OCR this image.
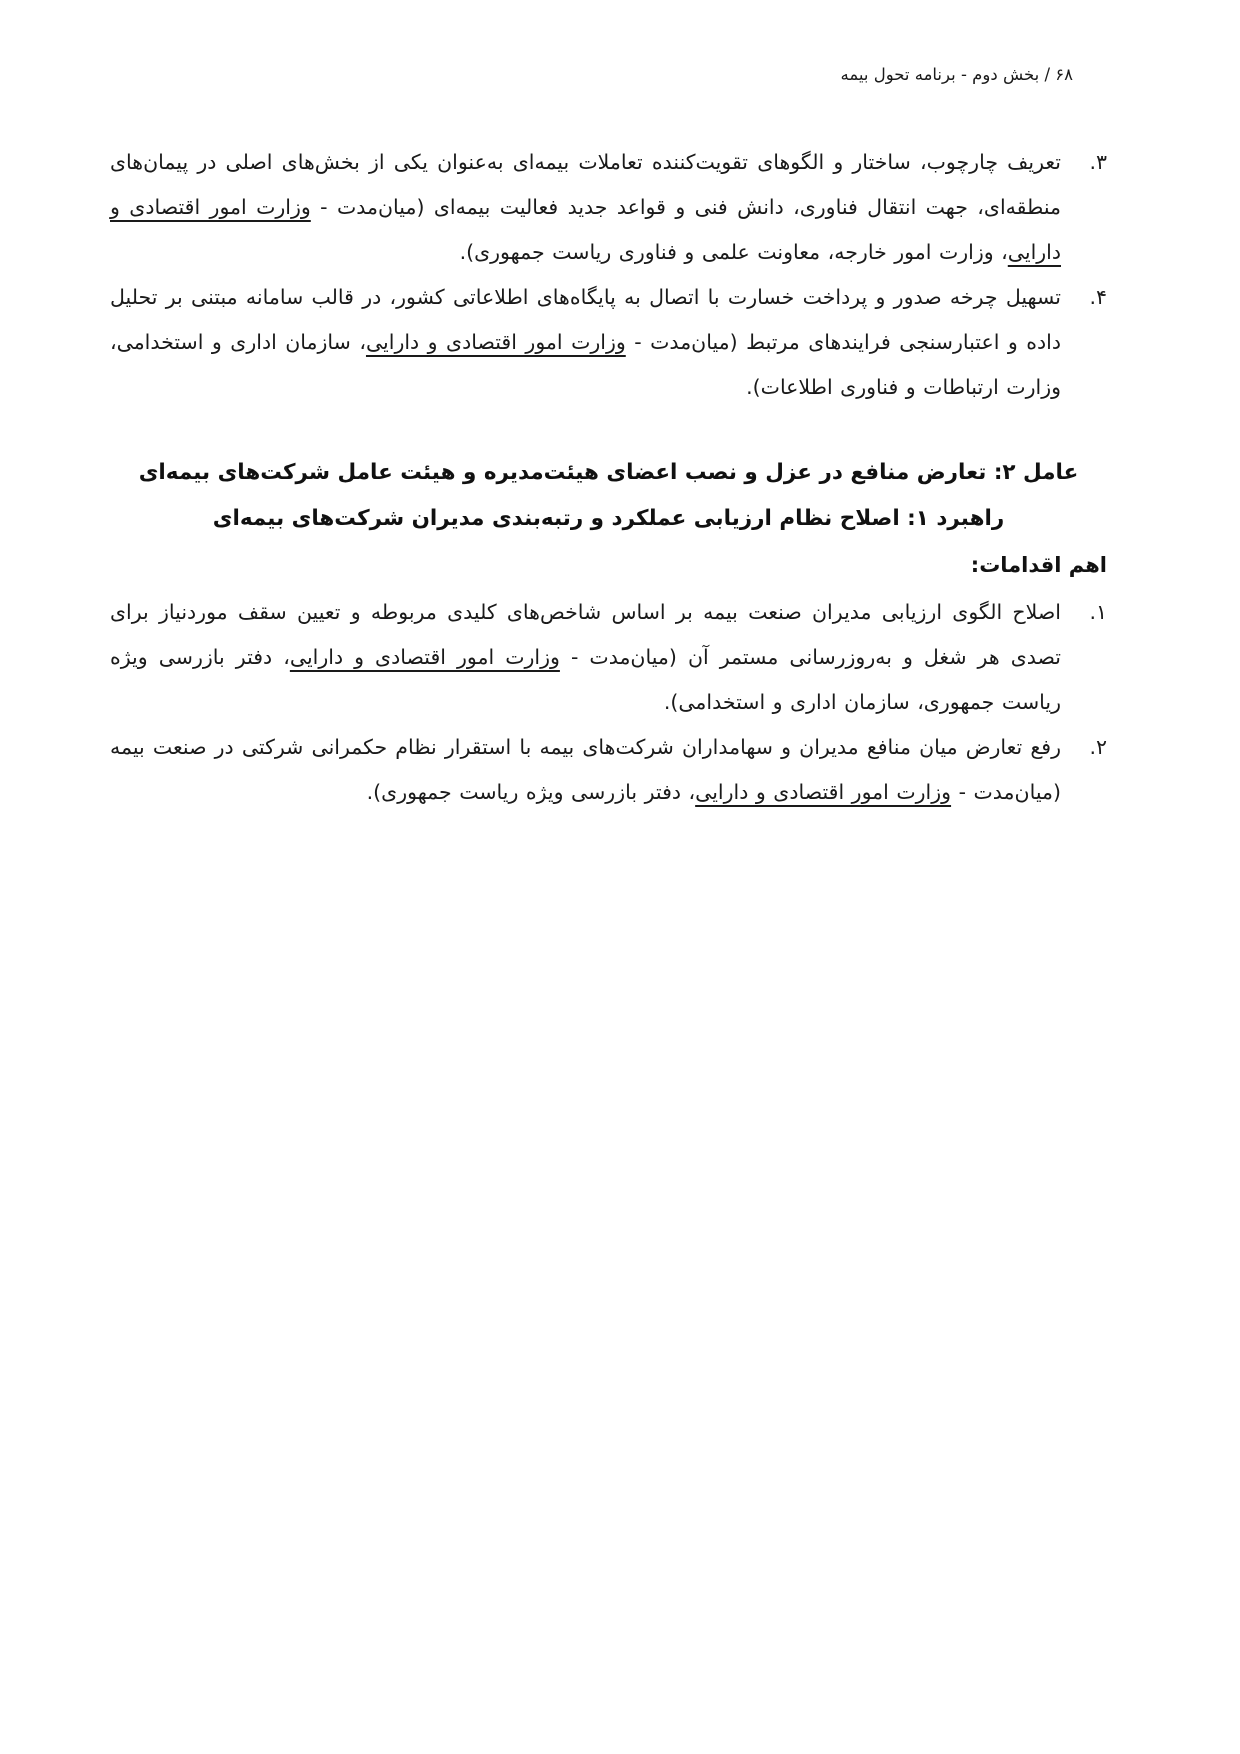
۶۸ / بخش دوم - برنامه تحول بیمه
۳.
تعریف چارچوب، ساختار و الگوهای تقویت‌کننده تعاملات بیمه‌ای به‌عنوان یکی از بخش‌های اصلی در پیمان‌های منطقه‌ای، جهت انتقال فناوری، دانش فنی و قواعد جدید فعالیت بیمه‌ای (میان‌مدت - وزارت امور اقتصادی و دارایی، وزارت امور خارجه، معاونت علمی و فناوری ریاست جمهوری).
۴.
تسهیل چرخه صدور و پرداخت خسارت با اتصال به پایگاه‌های اطلاعاتی کشور، در قالب سامانه مبتنی بر تحلیل داده و اعتبارسنجی فرایندهای مرتبط (میان‌مدت - وزارت امور اقتصادی و دارایی، سازمان اداری و استخدامی، وزارت ارتباطات و فناوری اطلاعات).
عامل ۲: تعارض منافع در عزل و نصب اعضای هیئت‌مدیره و هیئت عامل شرکت‌های بیمه‌ای
راهبرد ۱: اصلاح نظام ارزیابی عملکرد و رتبه‌بندی مدیران شرکت‌های بیمه‌ای
اهم اقدامات:
۱.
اصلاح الگوی ارزیابی مدیران صنعت بیمه بر اساس شاخص‌های کلیدی مربوطه و تعیین سقف موردنیاز برای تصدی هر شغل و به‌روزرسانی مستمر آن (میان‌مدت - وزارت امور اقتصادی و دارایی، دفتر بازرسی ویژه ریاست جمهوری، سازمان اداری و استخدامی).
۲.
رفع تعارض میان منافع مدیران و سهامداران شرکت‌های بیمه با استقرار نظام حکمرانی شرکتی در صنعت بیمه (میان‌مدت - وزارت امور اقتصادی و دارایی، دفتر بازرسی ویژه ریاست جمهوری).
